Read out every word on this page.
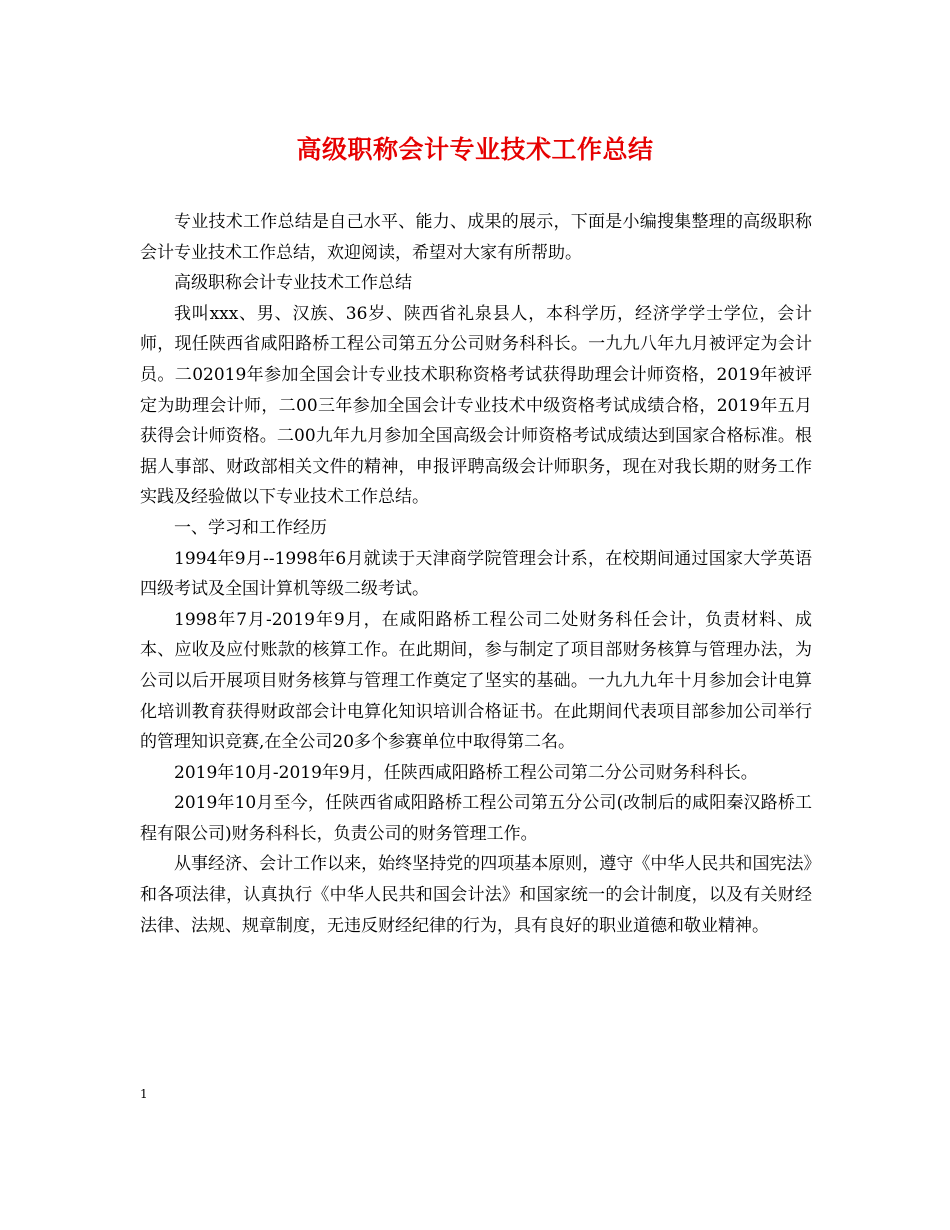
高级职称会计专业技术工作总结

专业技术工作总结是自己水平、能力、成果的展示，下面是小编搜集整理的高级职称会计专业技术工作总结，欢迎阅读，希望对大家有所帮助。

高级职称会计专业技术工作总结

我叫xxx、男、汉族、36岁、陕西省礼泉县人，本科学历，经济学学士学位，会计师，现任陕西省咸阳路桥工程公司第五分公司财务科科长。一九九八年九月被评定为会计员。二02019年参加全国会计专业技术职称资格考试获得助理会计师资格，2019年被评定为助理会计师，二00三年参加全国会计专业技术中级资格考试成绩合格，2019年五月获得会计师资格。二00九年九月参加全国高级会计师资格考试成绩达到国家合格标准。根据人事部、财政部相关文件的精神，申报评聘高级会计师职务，现在对我长期的财务工作实践及经验做以下专业技术工作总结。

一、学习和工作经历

1994年9月--1998年6月就读于天津商学院管理会计系，在校期间通过国家大学英语四级考试及全国计算机等级二级考试。

1998年7月-2019年9月，在咸阳路桥工程公司二处财务科任会计，负责材料、成本、应收及应付账款的核算工作。在此期间，参与制定了项目部财务核算与管理办法，为公司以后开展项目财务核算与管理工作奠定了坚实的基础。一九九九年十月参加会计电算化培训教育获得财政部会计电算化知识培训合格证书。在此期间代表项目部参加公司举行的管理知识竞赛,在全公司20多个参赛单位中取得第二名。

2019年10月-2019年9月，任陕西咸阳路桥工程公司第二分公司财务科科长。

2019年10月至今，任陕西省咸阳路桥工程公司第五分公司(改制后的咸阳秦汉路桥工程有限公司)财务科科长，负责公司的财务管理工作。

从事经济、会计工作以来，始终坚持党的四项基本原则，遵守《中华人民共和国宪法》和各项法律，认真执行《中华人民共和国会计法》和国家统一的会计制度，以及有关财经法律、法规、规章制度，无违反财经纪律的行为，具有良好的职业道德和敬业精神。

1
